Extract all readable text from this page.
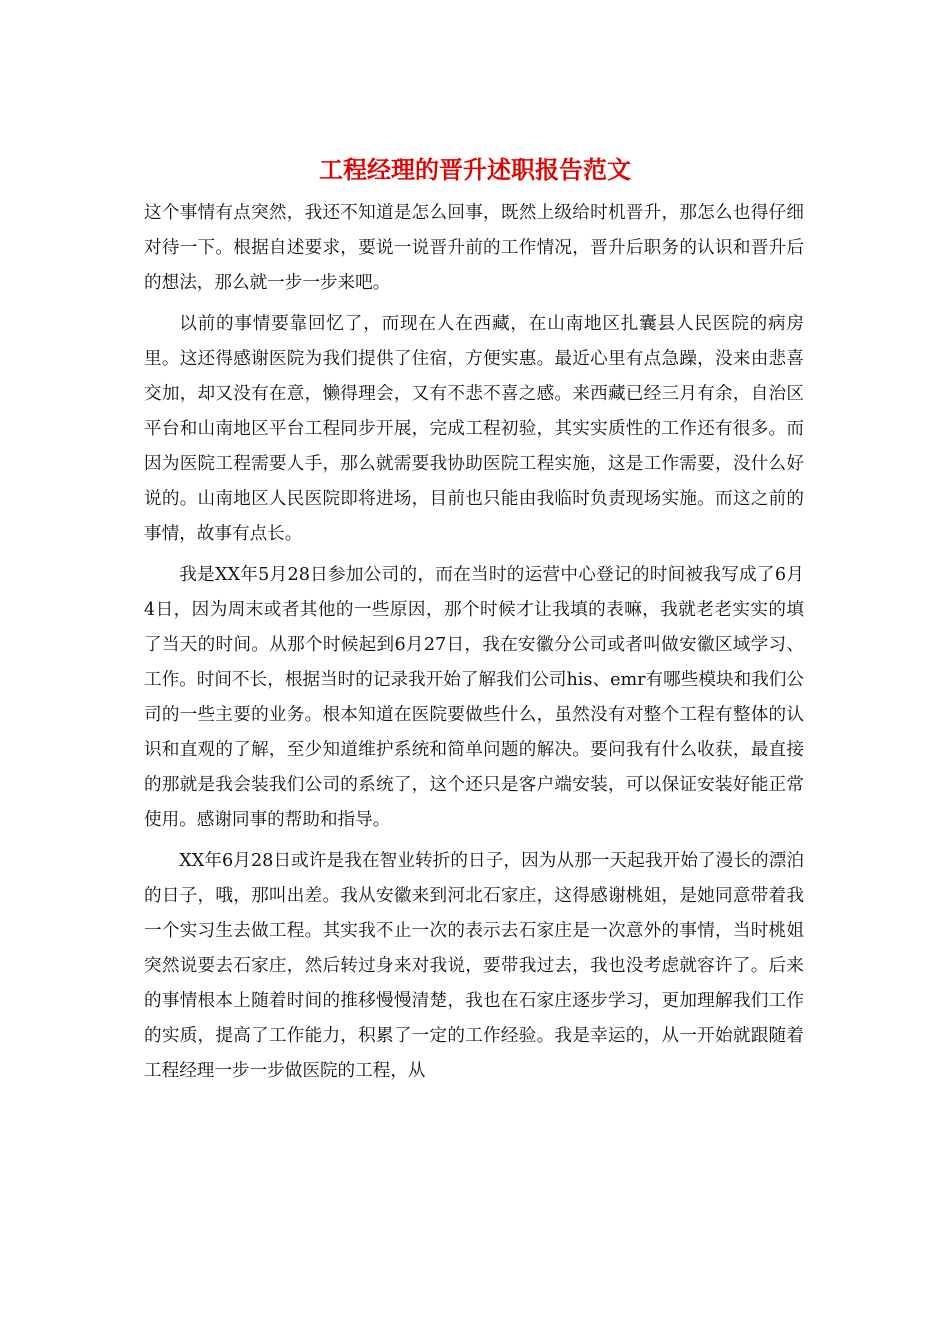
工程经理的晋升述职报告范文

这个事情有点突然，我还不知道是怎么回事，既然上级给时机晋升，那怎么也得仔细对待一下。根据自述要求，要说一说晋升前的工作情况，晋升后职务的认识和晋升后的想法，那么就一步一步来吧。

以前的事情要靠回忆了，而现在人在西藏，在山南地区扎囊县人民医院的病房里。这还得感谢医院为我们提供了住宿，方便实惠。最近心里有点急躁，没来由悲喜交加，却又没有在意，懒得理会，又有不悲不喜之感。来西藏已经三月有余，自治区平台和山南地区平台工程同步开展，完成工程初验，其实实质性的工作还有很多。而因为医院工程需要人手，那么就需要我协助医院工程实施，这是工作需要，没什么好说的。山南地区人民医院即将进场，目前也只能由我临时负责现场实施。而这之前的事情，故事有点长。

我是XX年5月28日参加公司的，而在当时的运营中心登记的时间被我写成了6月4日，因为周末或者其他的一些原因，那个时候才让我填的表嘛，我就老老实实的填了当天的时间。从那个时候起到6月27日，我在安徽分公司或者叫做安徽区域学习、工作。时间不长，根据当时的记录我开始了解我们公司his、emr有哪些模块和我们公司的一些主要的业务。根本知道在医院要做些什么，虽然没有对整个工程有整体的认识和直观的了解，至少知道维护系统和简单问题的解决。要问我有什么收获，最直接的那就是我会装我们公司的系统了，这个还只是客户端安装，可以保证安装好能正常使用。感谢同事的帮助和指导。

XX年6月28日或许是我在智业转折的日子，因为从那一天起我开始了漫长的漂泊的日子，哦，那叫出差。我从安徽来到河北石家庄，这得感谢桃姐，是她同意带着我一个实习生去做工程。其实我不止一次的表示去石家庄是一次意外的事情，当时桃姐突然说要去石家庄，然后转过身来对我说，要带我过去，我也没考虑就容许了。后来的事情根本上随着时间的推移慢慢清楚，我也在石家庄逐步学习，更加理解我们工作的实质，提高了工作能力，积累了一定的工作经验。我是幸运的，从一开始就跟随着工程经理一步一步做医院的工程，从
